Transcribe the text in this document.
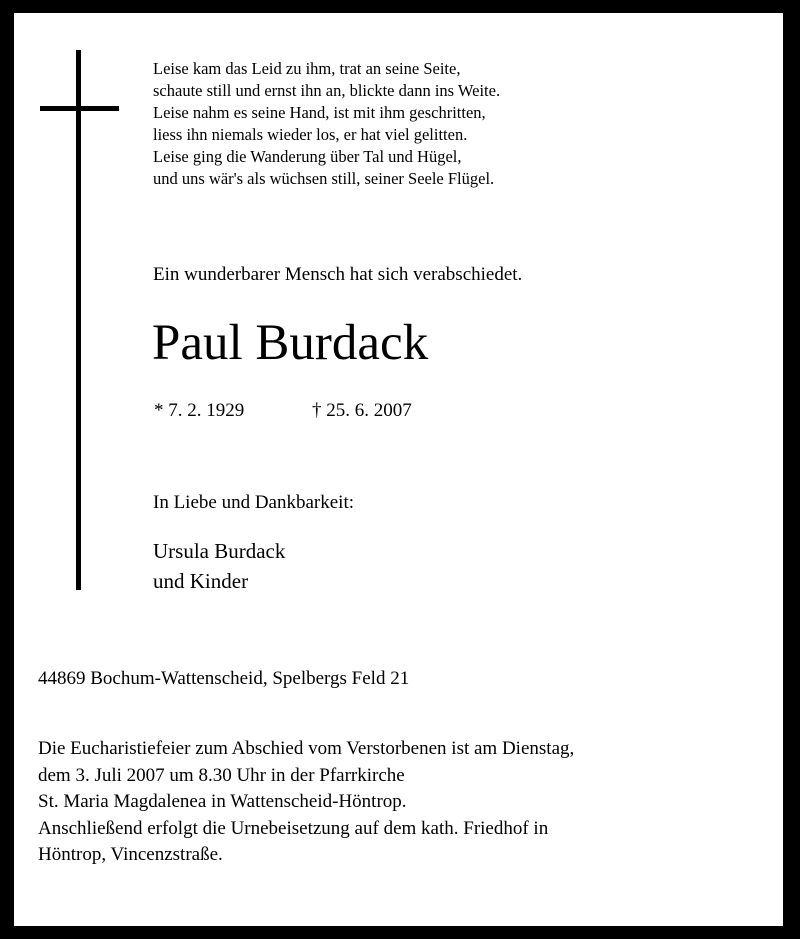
Leise kam das Leid zu ihm, trat an seine Seite,
schaute still und ernst ihn an, blickte dann ins Weite.
Leise nahm es seine Hand, ist mit ihm geschritten,
liess ihn niemals wieder los, er hat viel gelitten.
Leise ging die Wanderung über Tal und Hügel,
und uns wär's als wüchsen still, seiner Seele Flügel.
Ein wunderbarer Mensch hat sich verabschiedet.
Paul Burdack
* 7. 2. 1929	† 25. 6. 2007
In Liebe und Dankbarkeit:
Ursula Burdack
und Kinder
44869 Bochum-Wattenscheid, Spelbergs Feld 21
Die Eucharistiefeier zum Abschied vom Verstorbenen ist am Dienstag,
dem 3. Juli 2007 um 8.30 Uhr in der Pfarrkirche
St. Maria Magdalenea in Wattenscheid-Höntrop.
Anschließend erfolgt die Urnebeisetzung auf dem kath. Friedhof in
Höntrop, Vincenzstraße.
